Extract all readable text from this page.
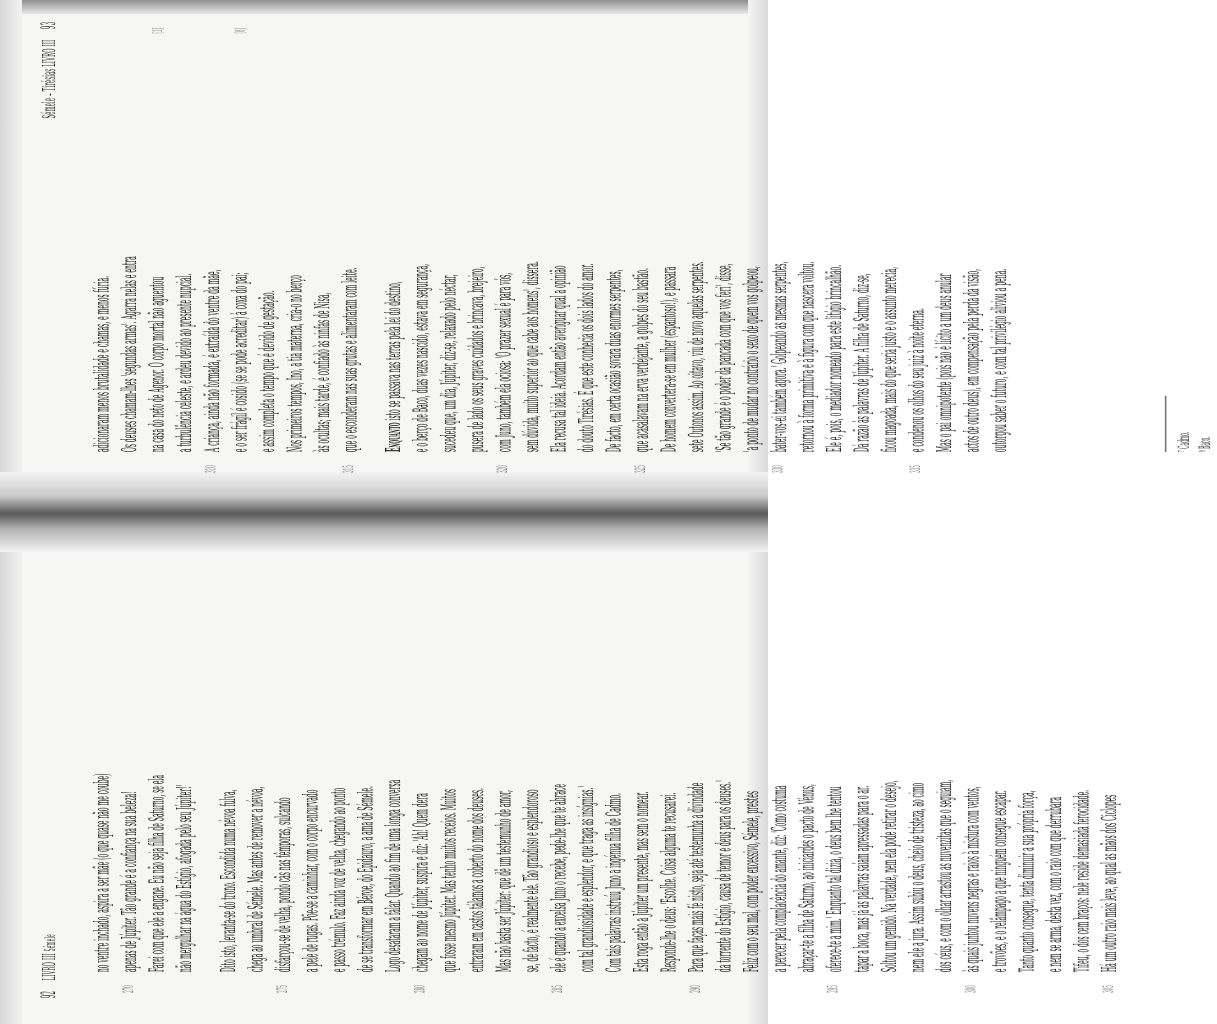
92  LIVRO III Sémele no ventre inchado, aspira a ser mãe (o que quase não me coube)
270
apenas de Júpiter. Tão grande é a confiança na sua beleza! Farei com que ele a engane. Eu não seja filha de Saturno, se ela não mergulhar na água do Estígio, afogada pelo seu Júpiter!' Dito isto, levanta-se do trono. Escondida numa névoa fulva, chega ao umbral de Sémele. Mas antes de remover a névoa,
275
disfarçou-se de velha, pondo cãs nas têmporas, sulcando a pele de rugas. Põe-se a caminhar, com o corpo encurvado e passo trémulo. Faz ainda voz de velha, chegando ao ponto de se transformar em Béroe, do Epidauro, a ama de Sémele. Logo desataram a falar. Quando ao fim de uma longa conversa
280
chegam ao nome de Júpiter, suspira e diz: 'Ah! Quem dera que fosse mesmo Júpiter. Mas tenho muitos receios. Muitos entraram em castos tálamos a coberto do nome dos deuses. Mas não basta ser Júpiter: que dê um testemunho de amor, se, de facto, é realmente ele. Tão grandioso e esplendoroso
285
ele é quando a excelsa Juno o recebe, pede-lhe que te abrace com tal grandiosidade e esplendor, e que traga as insígnias.' Com tais palavras instruíu Juno a ingénua filha de Cadmo. Esta roga então a Júpiter um presente, mas sem o nomear. Responde-lhe o deus: 'Escolhe. Coisa alguma te recusarei.
290
Para que faças mais fé nisto, seja até testemunha a divindade da torrente do Estígio, causa de temor e deus para os deuses.' Feliz com o seu mal, com poder excessivo, Sémele, prestes a perecer pela complacência do amante, diz: 'Como costuma abraçar-te a filha de Saturno, ao iniciardes o pacto de Vénus,
295
oferece-te a mim.' Enquanto tal dizia, o deus bem lhe tentou tapar a boca, mas já as palavras saíam apressadas para o ar. Soltou um gemido. Na verdade, nem ela pode retirar o desejo, nem ele a jura. Assim subiu o deus, cheio de tristeza, ao cimo dos céus, e com o olhar arrastou as nuvenzitas que o seguiam,
300
às quais juntou nuvens negras e raios à mistura com ventos, e trovões, e o relâmpago a que ninguém consegue escapar. Tanto quanto consegue, tenta diminuir a sua própria força, e nem se arma, desta vez, com o raio com que derrubara Tifeu, o dos cem braços: nele reside demasiada ferocidade.
305
Há um outro raio mais leve, ao qual as mãos dos Ciclopes
Sémele – Tirésias LIVRO III  93
adicionaram menos brutalidade e chamas, e menos fúria. Os deuses chamam-lhes 'segundas armas'. Agarra nelas e entra na casa do neto de Agenor. O corpo mortal não aguentou
[1]
a turbulência celeste, e ardeu devido ao presente nupcial.
310
A criança, ainda não formada, é extraída do ventre da mãe, e o ser frágil é cosido (se se pode acreditar) à coxa do pai;
[8]
e assim completa o tempo que é devido de gestação. Nos primeiros tempos, Ino, a tia materna, cria-o no berço às ocultas; mais tarde, é confiado às ninfas de Nisa,
315
que o esconderam nas suas grutas e alimentaram com leite. Enquanto isto se passava nas terras pela lei do destino, e o berço de Baco, duas vezes nascido, estava em segurança, sucedeu que, um dia, Júpiter, diz-se, relaxado pelo néctar, pusera de lado os seus graves cuidados e brincava, brejeiro,
320
com Juno, também ela ociosa: 'O prazer sexual é para vós, sem dúvida, muito superior ao que cabe aos homens', dissera. Ela recusa tal ideia. Acordam então averiguar qual a opinião do douto Tirésias. É que este conhecia os dois lados do amor. De facto, em certa ocasião sovara duas enormes serpentes,
325
que acasalavam na erva verdejante, a golpes do seu bastão. De homem convertera-se em mulher (espantoso!), e passara sete Outonos assim. Ao oitavo, viu de novo aquelas serpentes. 'Se tão grande é o poder da pancada com que vos feri', disse, 'a ponto de mudar no contrário o sexo de quem vos golpeou,
330
bater-vos-ei também agora.' Golpeando as mesmas serpentes, retornou à forma primitiva e à figura com que nascera voltou. Ele é, pois, o mediador nomeado para este litígio brincalhão. Dá razão às palavras de Júpiter. A filha de Saturno, diz-se, ficou magoada, mais do que seria justo e o assunto merecia,
335
e condenou os olhos do seu juiz à noite eterna. Mas o pai omnipotente (pois não é lícito a um deus anular actos de outro deus), em compensação pela perda da visão, outorgou saber o futuro, e com tal privilégio aliviou a pena.	⁷ Cadmo. ⁸ Baco.
